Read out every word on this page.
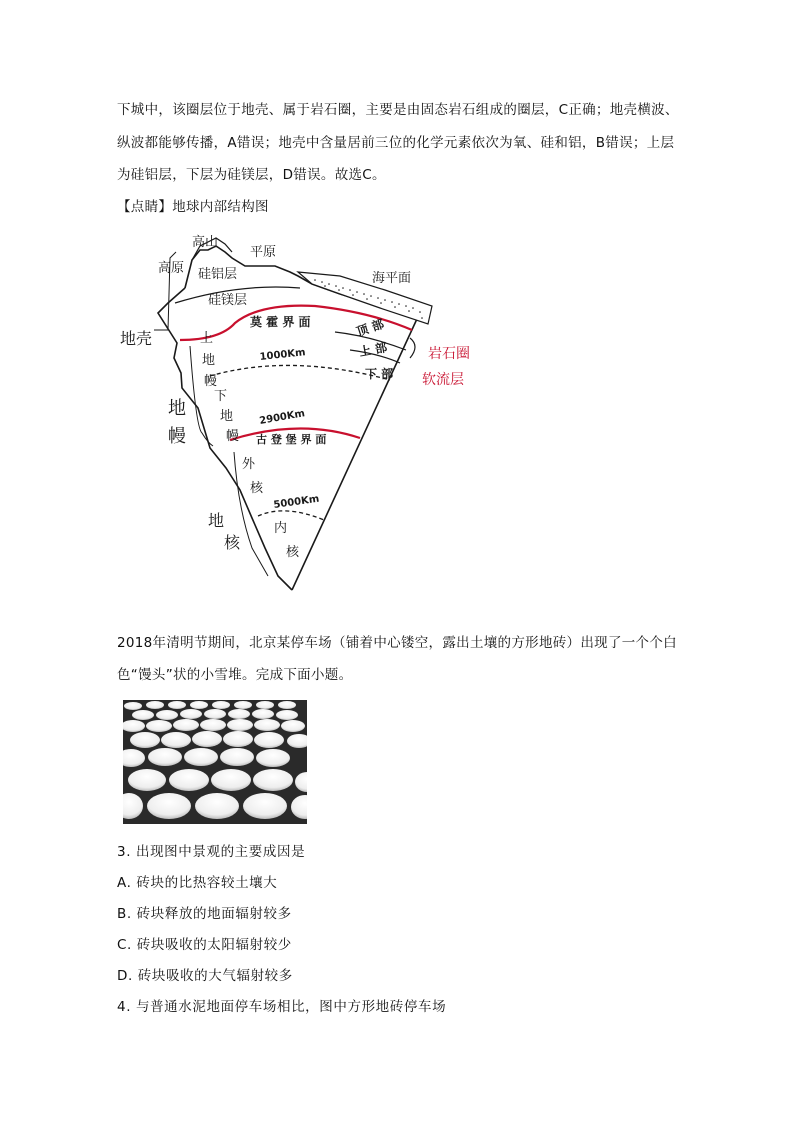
下城中，该圈层位于地壳、属于岩石圈，主要是由固态岩石组成的圈层，C正确；地壳横波、
纵波都能够传播，A错误；地壳中含量居前三位的化学元素依次为氧、硅和铝，B错误；上层
为硅铝层，下层为硅镁层，D错误。故选C。
【点睛】地球内部结构图
高山
平原
高原 硅铝层	海平面
硅镁层
莫 霍 界 面
地壳	顶 部
上 部
下 部
岩石圈
软流层
1000Km
上
地
幔
地
幔
下
地
幔
2900Km
古 登 堡 界 面
外
核
5000Km
地
核
内
核
2018年清明节期间，北京某停车场（铺着中心镂空，露出土壤的方形地砖）出现了一个个白
色“馒头”状的小雪堆。完成下面小题。
3. 出现图中景观的主要成因是
A. 砖块的比热容较土壤大
B. 砖块释放的地面辐射较多
C. 砖块吸收的太阳辐射较少
D. 砖块吸收的大气辐射较多
4. 与普通水泥地面停车场相比，图中方形地砖停车场
